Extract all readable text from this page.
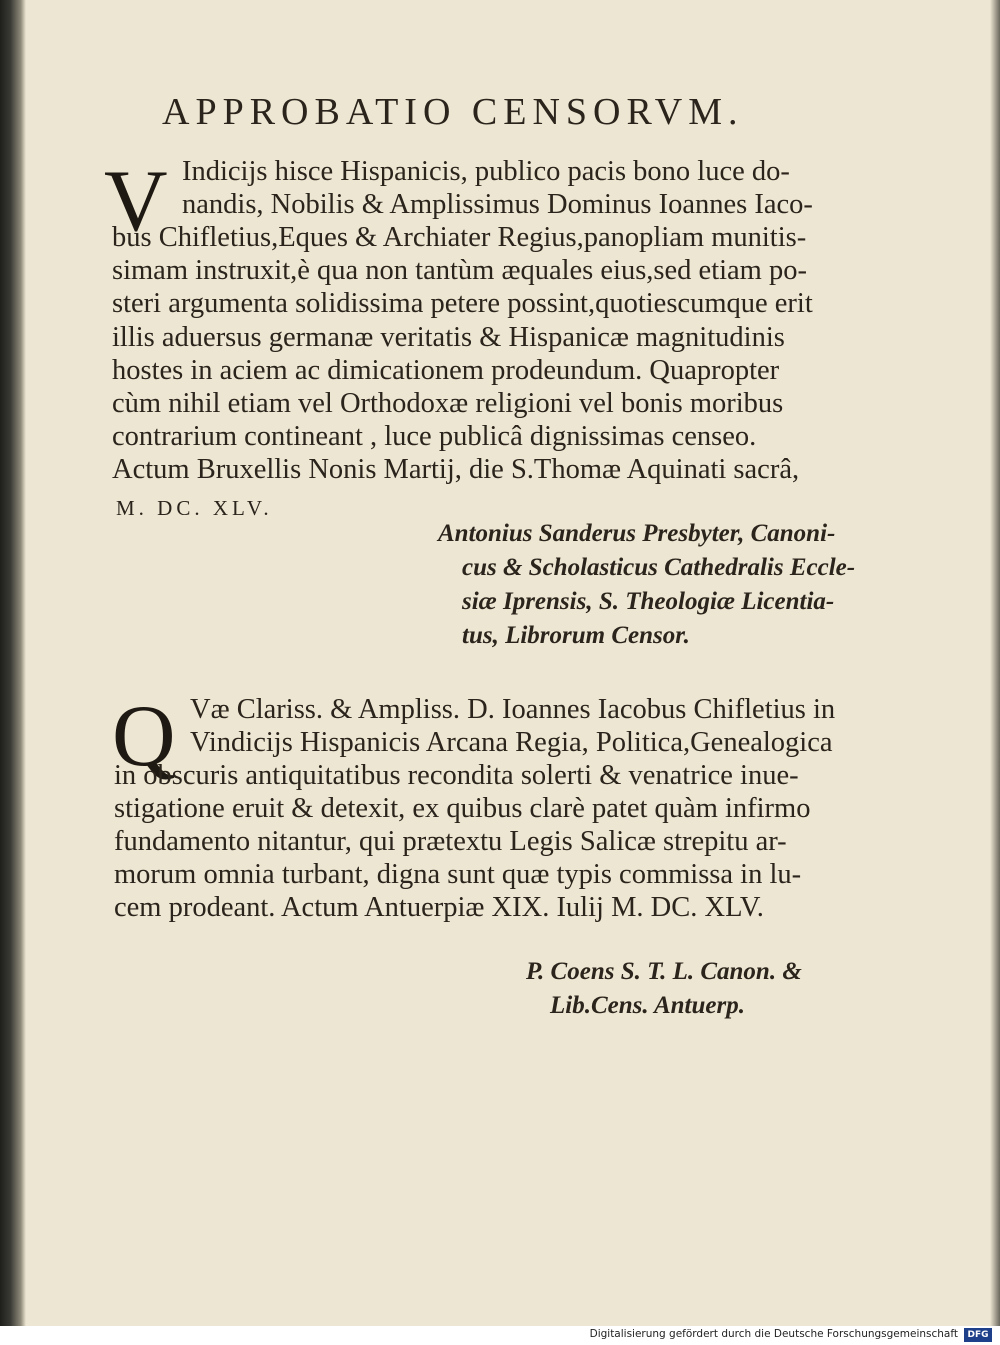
APPROBATIO CENSORVM.
V Indicijs hisce Hispanicis, publico pacis bono luce do-
nandis, Nobilis & Amplissimus Dominus Ioannes Iaco-
bus Chifletius,Eques & Archiater Regius,panopliam munitis-
simam instruxit,è qua non tantùm æquales eius,sed etiam po-
steri argumenta solidissima petere possint,quotiescumque erit
illis aduersus germanæ veritatis & Hispanicæ magnitudinis
hostes in aciem ac dimicationem prodeundum. Quapropter
cùm nihil etiam vel Orthodoxæ religioni vel bonis moribus
contrarium contineant , luce publicâ dignissimas censeo.
Actum Bruxellis Nonis Martij, die S.Thomæ Aquinati sacrâ,
M. DC. XLV.
Antonius Sanderus Presbyter, Canoni-
cus & Scholasticus Cathedralis Eccle-
siæ Iprensis, S. Theologiæ Licentia-
tus, Librorum Censor.
Q Væ Clariss. & Ampliss. D. Ioannes Iacobus Chifletius in
Vindicijs Hispanicis Arcana Regia, Politica,Genealogica
in obscuris antiquitatibus recondita solerti & venatrice inue-
stigatione eruit & detexit, ex quibus clarè patet quàm infirmo
fundamento nitantur, qui prætextu Legis Salicæ strepitu ar-
morum omnia turbant, digna sunt quæ typis commissa in lu-
cem prodeant. Actum Antuerpiæ XIX. Iulij M. DC. XLV.
P. Coens S. T. L. Canon. &
Lib.Cens. Antuerp.
Digitalisierung gefördert durch die Deutsche Forschungsgemeinschaft	DFG
